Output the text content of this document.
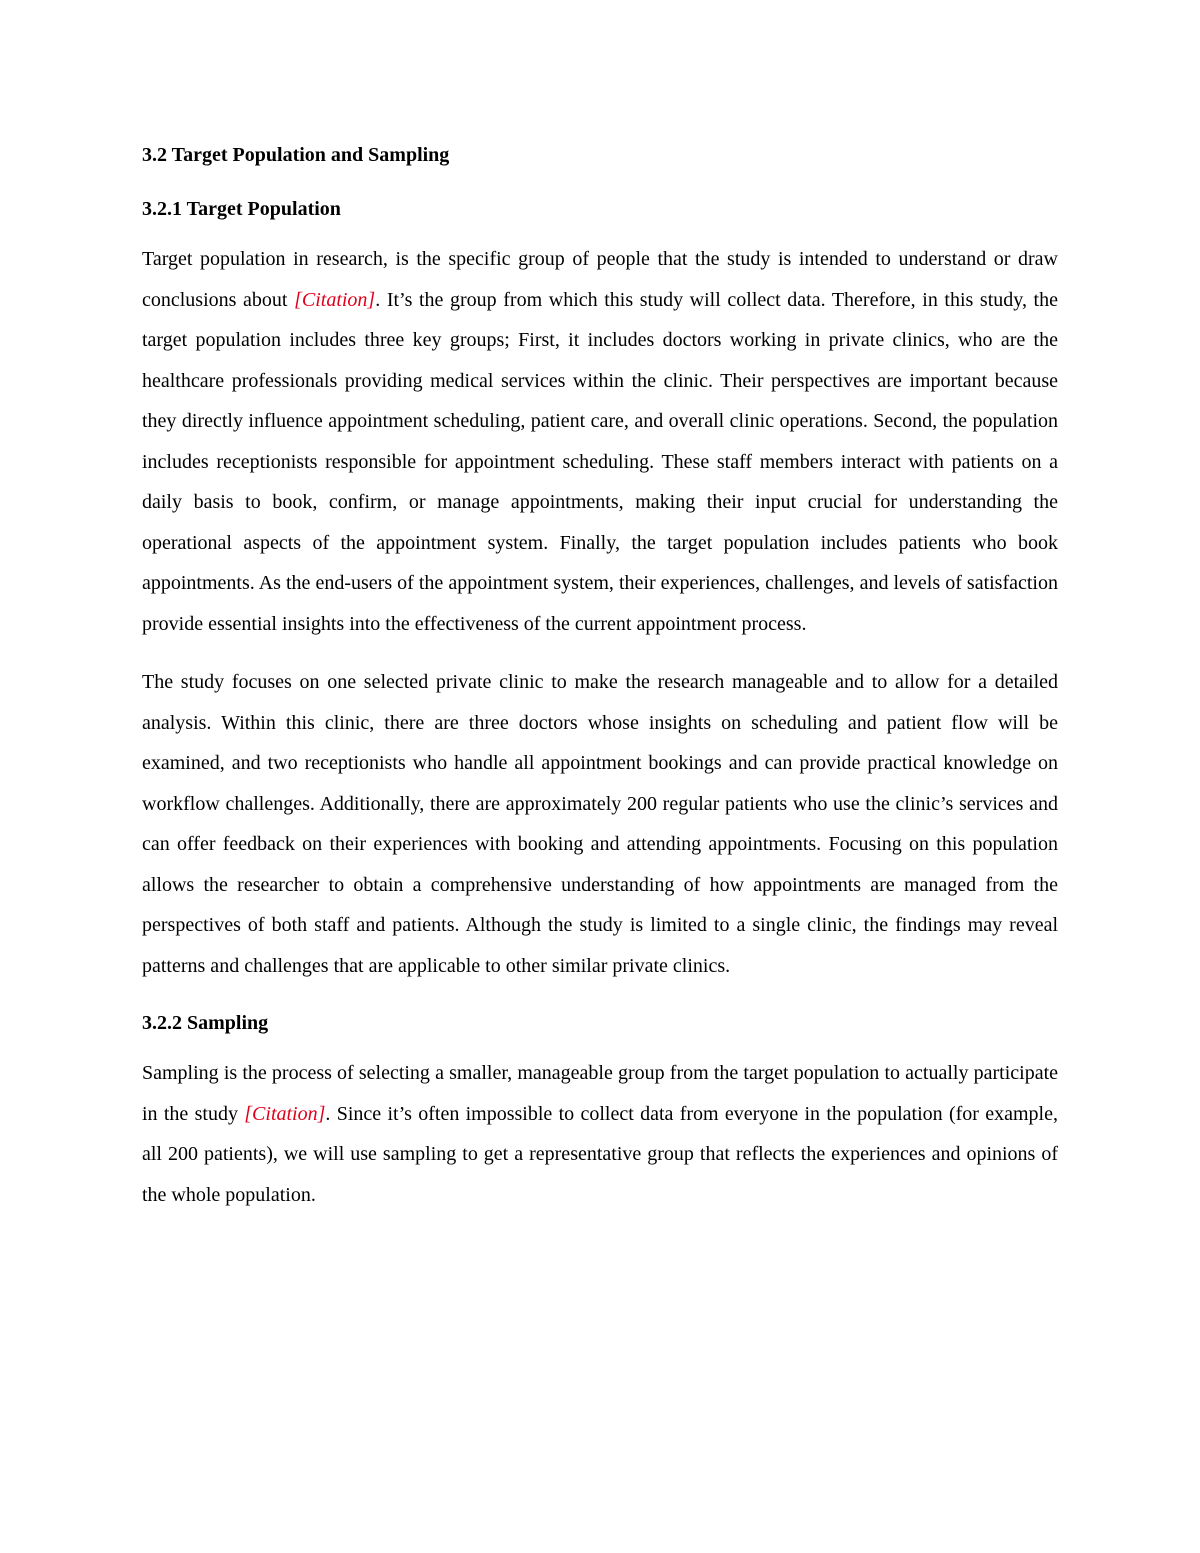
3.2 Target Population and Sampling
3.2.1 Target Population

Target population in research, is the specific group of people that the study is intended to understand or draw conclusions about [Citation]. It’s the group from which this study will collect data. Therefore, in this study, the target population includes three key groups; First, it includes doctors working in private clinics, who are the healthcare professionals providing medical services within the clinic. Their perspectives are important because they directly influence appointment scheduling, patient care, and overall clinic operations. Second, the population includes receptionists responsible for appointment scheduling. These staff members interact with patients on a daily basis to book, confirm, or manage appointments, making their input crucial for understanding the operational aspects of the appointment system. Finally, the target population includes patients who book appointments. As the end-users of the appointment system, their experiences, challenges, and levels of satisfaction provide essential insights into the effectiveness of the current appointment process.

The study focuses on one selected private clinic to make the research manageable and to allow for a detailed analysis. Within this clinic, there are three doctors whose insights on scheduling and patient flow will be examined, and two receptionists who handle all appointment bookings and can provide practical knowledge on workflow challenges. Additionally, there are approximately 200 regular patients who use the clinic’s services and can offer feedback on their experiences with booking and attending appointments. Focusing on this population allows the researcher to obtain a comprehensive understanding of how appointments are managed from the perspectives of both staff and patients. Although the study is limited to a single clinic, the findings may reveal patterns and challenges that are applicable to other similar private clinics.

3.2.2 Sampling

Sampling is the process of selecting a smaller, manageable group from the target population to actually participate in the study [Citation]. Since it’s often impossible to collect data from everyone in the population (for example, all 200 patients), we will use sampling to get a representative group that reflects the experiences and opinions of the whole population.
